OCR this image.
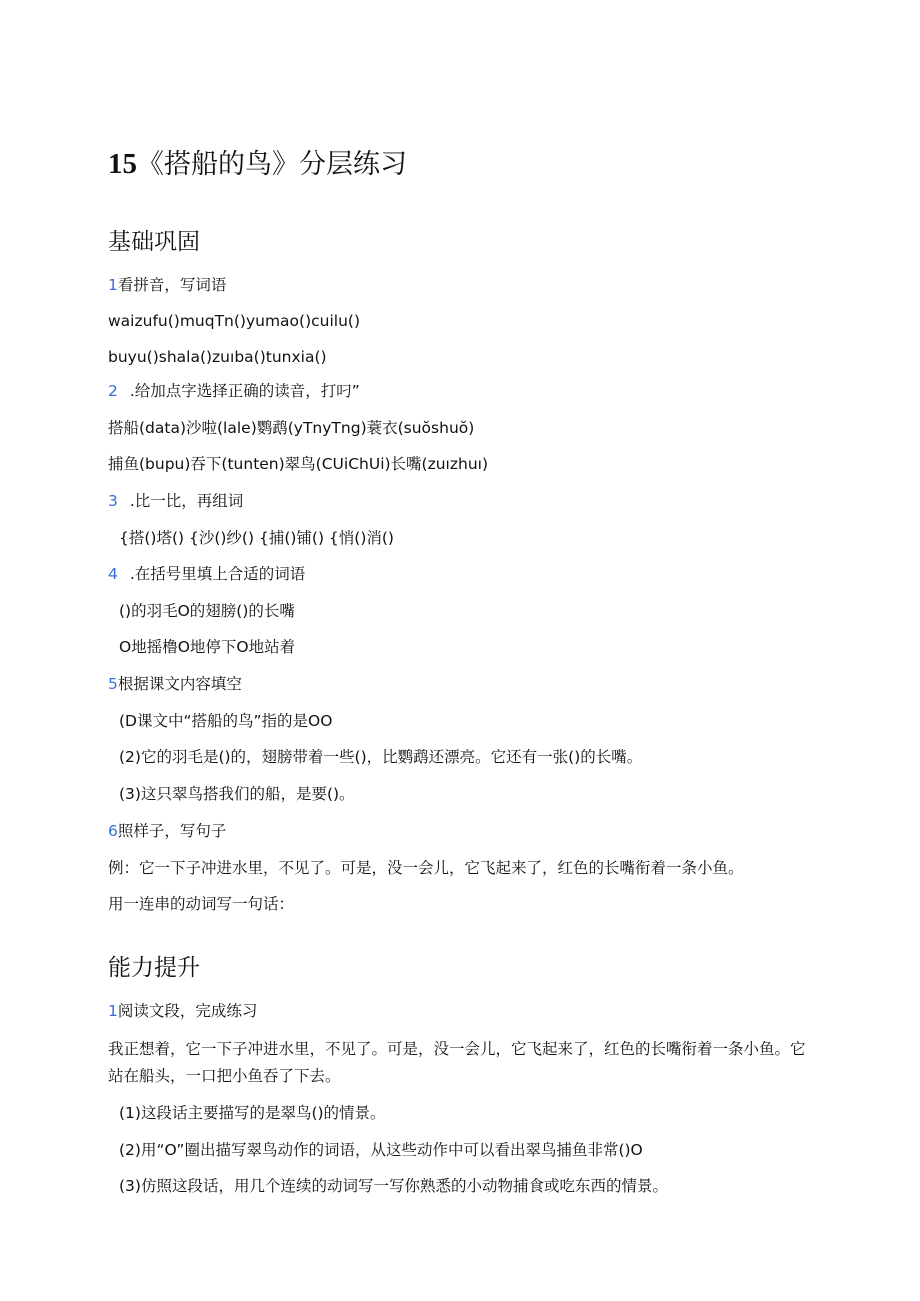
15《搭船的鸟》分层练习
基础巩固

1看拼音，写词语

waizufu()muqTn()yumao()cuilu()

buyu()shala()zuıba()tunxia()

2 .给加点字选择正确的读音，打叼”

搭船(data)沙啦(lale)鹦鹉(yTnyTng)蓑衣(suŏshuŏ)

捕鱼(bupu)吞下(tunten)翠鸟(CUiChUi)长嘴(zuızhuı)

3 .比一比，再组词

{搭()塔() {沙()纱() {捕()铺() {悄()消()

4 .在括号里填上合适的词语

()的羽毛O的翅膀()的长嘴

O地摇橹O地停下O地站着

5根据课文内容填空

(D课文中“搭船的鸟”指的是OO

(2)它的羽毛是()的，翅膀带着一些()，比鹦鹉还漂亮。它还有一张()的长嘴。

(3)这只翠鸟搭我们的船，是要()。

6照样子，写句子

例：它一下子冲进水里，不见了。可是，没一会儿，它飞起来了，红色的长嘴衔着一条小鱼。

用一连串的动词写一句话：

能力提升

1阅读文段，完成练习

我正想着，它一下子冲进水里，不见了。可是，没一会儿，它飞起来了，红色的长嘴衔着一条小鱼。它

站在船头，一口把小鱼吞了下去。

(1)这段话主要描写的是翠鸟()的情景。

(2)用“O”圈出描写翠鸟动作的词语，从这些动作中可以看出翠鸟捕鱼非常()O

(3)仿照这段话，用几个连续的动词写一写你熟悉的小动物捕食或吃东西的情景。
